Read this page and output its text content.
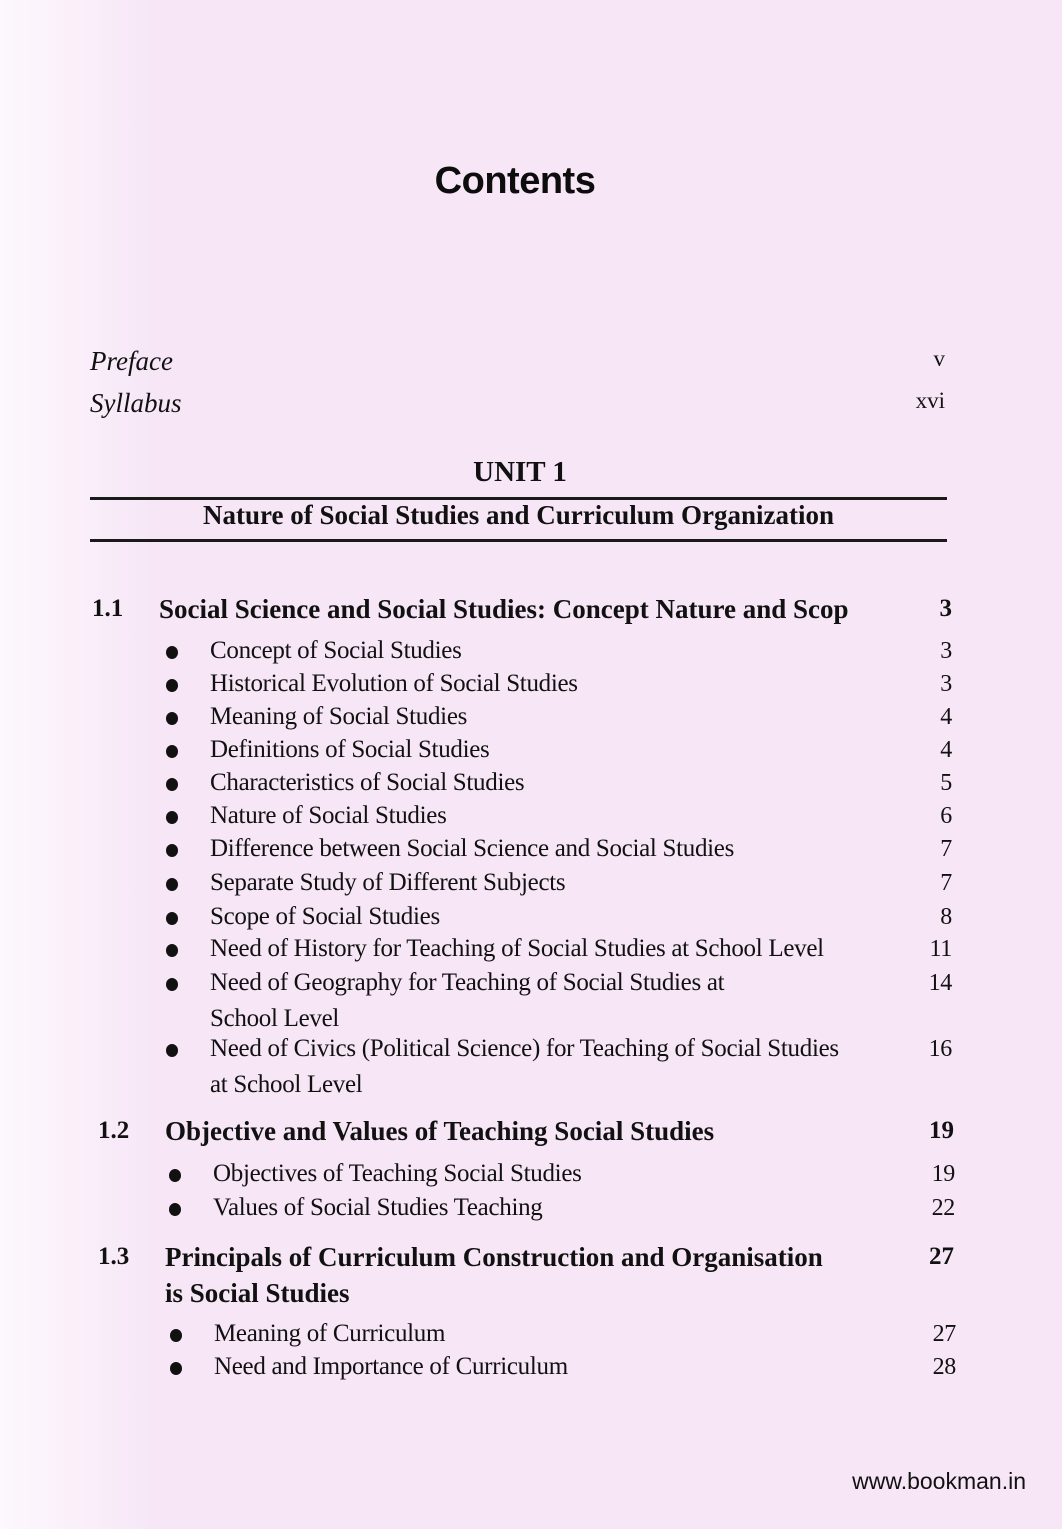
Contents
Preface	v
Syllabus	xvi
UNIT 1
Nature of Social Studies and Curriculum Organization
1.1 Social Science and Social Studies: Concept Nature and Scop	3
Concept of Social Studies	3
Historical Evolution of Social Studies	3
Meaning of Social Studies	4
Definitions of Social Studies	4
Characteristics of Social Studies	5
Nature of Social Studies	6
Difference between Social Science and Social Studies	7
Separate Study of Different Subjects	7
Scope of Social Studies	8
Need of History for Teaching of Social Studies at School Level	11
Need of Geography for Teaching of Social Studies at	14
School Level
Need of Civics (Political Science) for Teaching of Social Studies	16
at School Level
1.2 Objective and Values of Teaching Social Studies	19
Objectives of Teaching Social Studies	19
Values of Social Studies Teaching	22
1.3 Principals of Curriculum Construction and Organisation	27
is Social Studies
Meaning of Curriculum	27
Need and Importance of Curriculum	28
www.bookman.in
